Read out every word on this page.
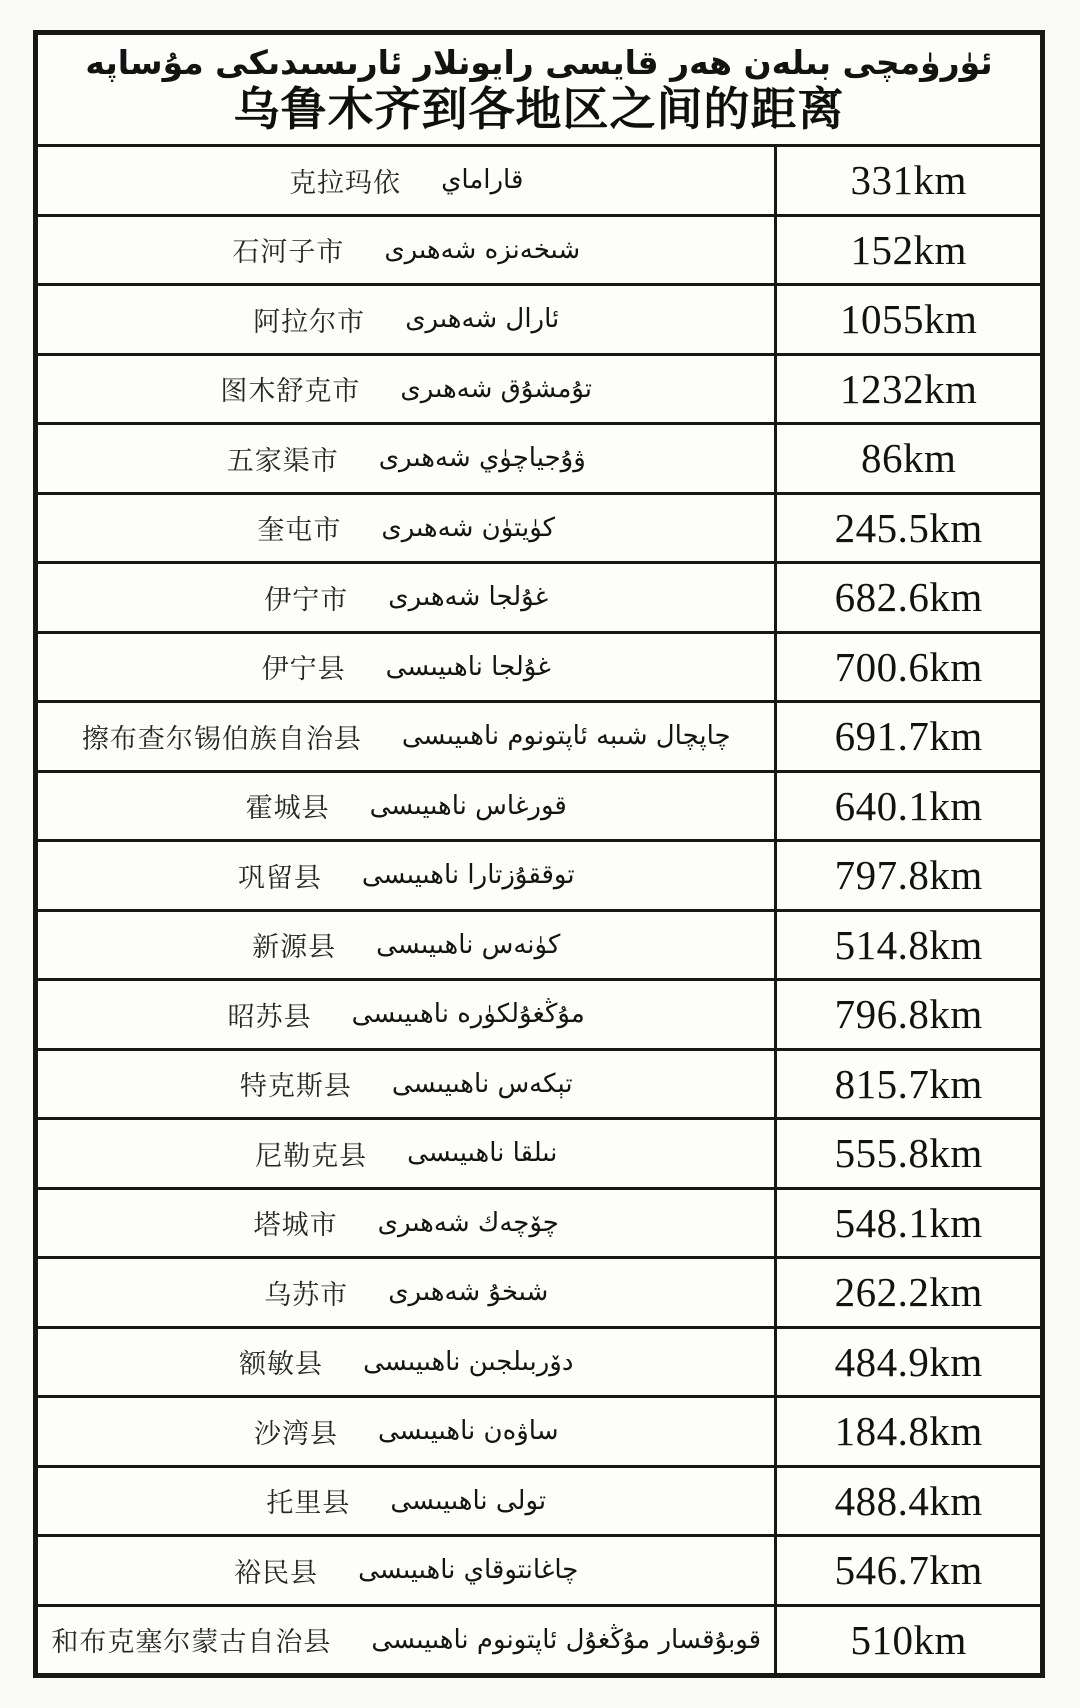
ئۈرۈمچى بىلەن ھەر قايسى رايونلار ئارىسىدىكى مۇساپە
乌鲁木齐到各地区之间的距离
克拉玛依 قاراماي	331km
石河子市 شىخەنزە شەھىرى	152km
阿拉尔市 ئارال شەھىرى	1055km
图木舒克市 تۇمشۇق شەھىرى	1232km
五家渠市 ۋۇجياچۈي شەھىرى	86km
奎屯市 كۈيتۈن شەھىرى	245.5km
伊宁市 غۇلجا شەھىرى	682.6km
伊宁县 غۇلجا ناھىيىسى	700.6km
擦布查尔锡伯族自治县 چاپچال شىبە ئاپتونوم ناھىيىسى	691.7km
霍城县 قورغاس ناھىيىسى	640.1km
巩留县 توققۇزتارا ناھىيىسى	797.8km
新源县 كۈنەس ناھىيىسى	514.8km
昭苏县 مۇڭغۇلكۈرە ناھىيىسى	796.8km
特克斯县 تېكەس ناھىيىسى	815.7km
尼勒克县 نىلقا ناھىيىسى	555.8km
塔城市 چۆچەك شەھىرى	548.1km
乌苏市 شىخۇ شەھىرى	262.2km
额敏县 دۆربىلجىن ناھىيىسى	484.9km
沙湾县 ساۋەن ناھىيىسى	184.8km
托里县 تولى ناھىيىسى	488.4km
裕民县 چاغانتوقاي ناھىيىسى	546.7km
和布克塞尔蒙古自治县 قوبۇقسار مۇڭغۇل ئاپتونوم ناھىيىسى 510km
